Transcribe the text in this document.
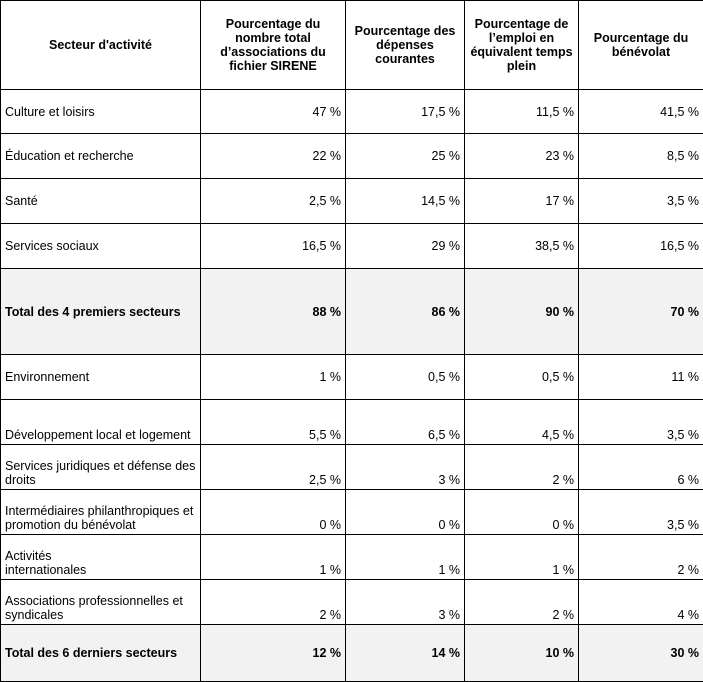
Secteur d'activité	Pourcentage du nombre total d’associations du fichier SIRENE	Pourcentage des dépenses courantes	Pourcentage de l’emploi en équivalent temps plein	Pourcentage du bénévolat
Culture et loisirs	47 %	17,5 %	11,5 %	41,5 %
Éducation et recherche	22 %	25 %	23 %	8,5 %
Santé	2,5 %	14,5 %	17 %	3,5 %
Services sociaux	16,5 %	29 %	38,5 %	16,5 %
Total des 4 premiers secteurs	88 %	86 %	90 %	70 %
Environnement	1 %	0,5 %	0,5 %	11 %
Développement local et logement	5,5 %	6,5 %	4,5 %	3,5 %
Services juridiques et défense des droits	2,5 %	3 %	2 %	6 %
Intermédiaires philanthropiques et promotion du bénévolat	0 %	0 %	0 %	3,5 %
Activités internationales	1 %	1 %	1 %	2 %
Associations professionnelles et syndicales	2 %	3 %	2 %	4 %
Total des 6 derniers secteurs	12 %	14 %	10 %	30 %
